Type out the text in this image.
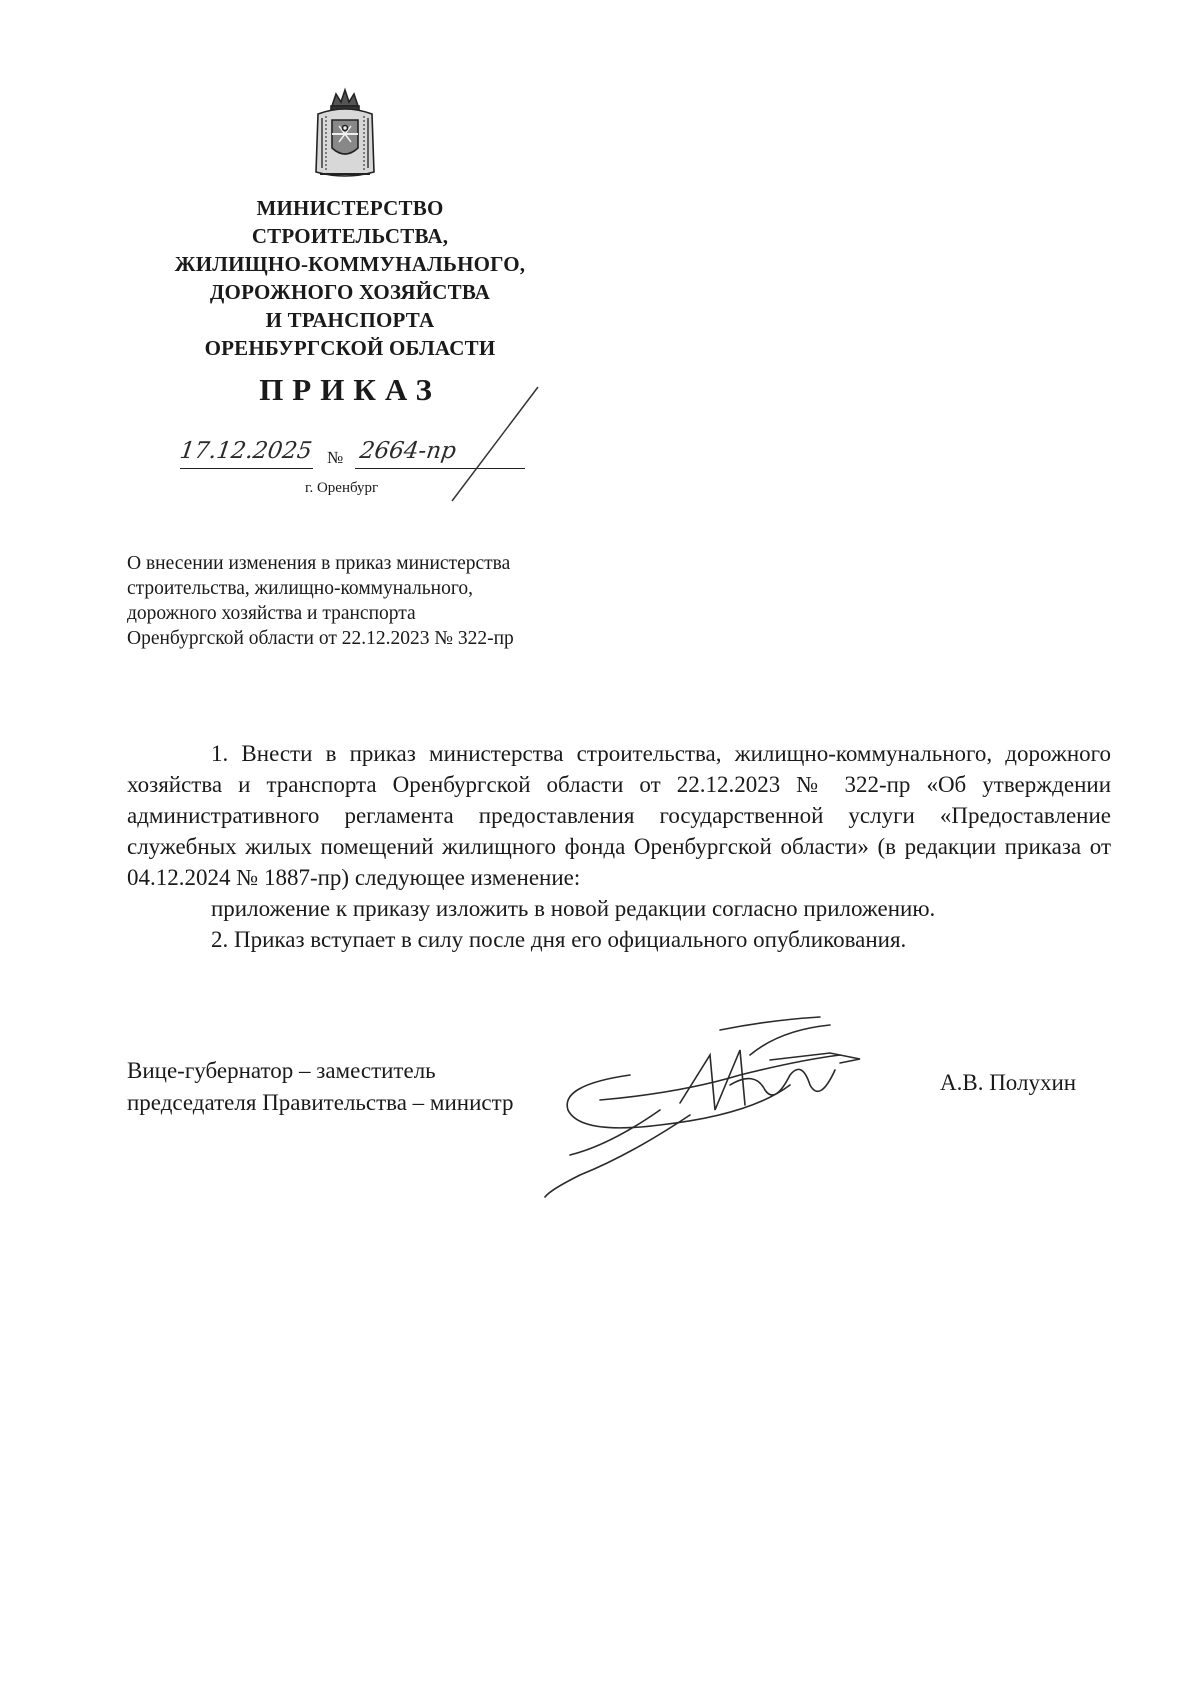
МИНИСТЕРСТВО
СТРОИТЕЛЬСТВА,
ЖИЛИЩНО-КОММУНАЛЬНОГО,
ДОРОЖНОГО ХОЗЯЙСТВА
И ТРАНСПОРТА
ОРЕНБУРГСКОЙ ОБЛАСТИ
ПРИКАЗ
17.12.2025 № 2664-пр
г. Оренбург
О внесении изменения в приказ министерства
строительства, жилищно-коммунального,
дорожного хозяйства и транспорта
Оренбургской области от 22.12.2023 № 322-пр

1. Внести в приказ министерства строительства, жилищно-коммунального, дорожного хозяйства и транспорта Оренбургской области от 22.12.2023 № 322-пр «Об утверждении административного регламента предоставления государственной услуги «Предоставление служебных жилых помещений жилищного фонда Оренбургской области» (в редакции приказа от 04.12.2024 № 1887-пр) следующее изменение:

приложение к приказу изложить в новой редакции согласно приложению.

2. Приказ вступает в силу после дня его официального опубликования.

Вице-губернатор – заместитель
председателя Правительства – министр
А.В. Полухин
